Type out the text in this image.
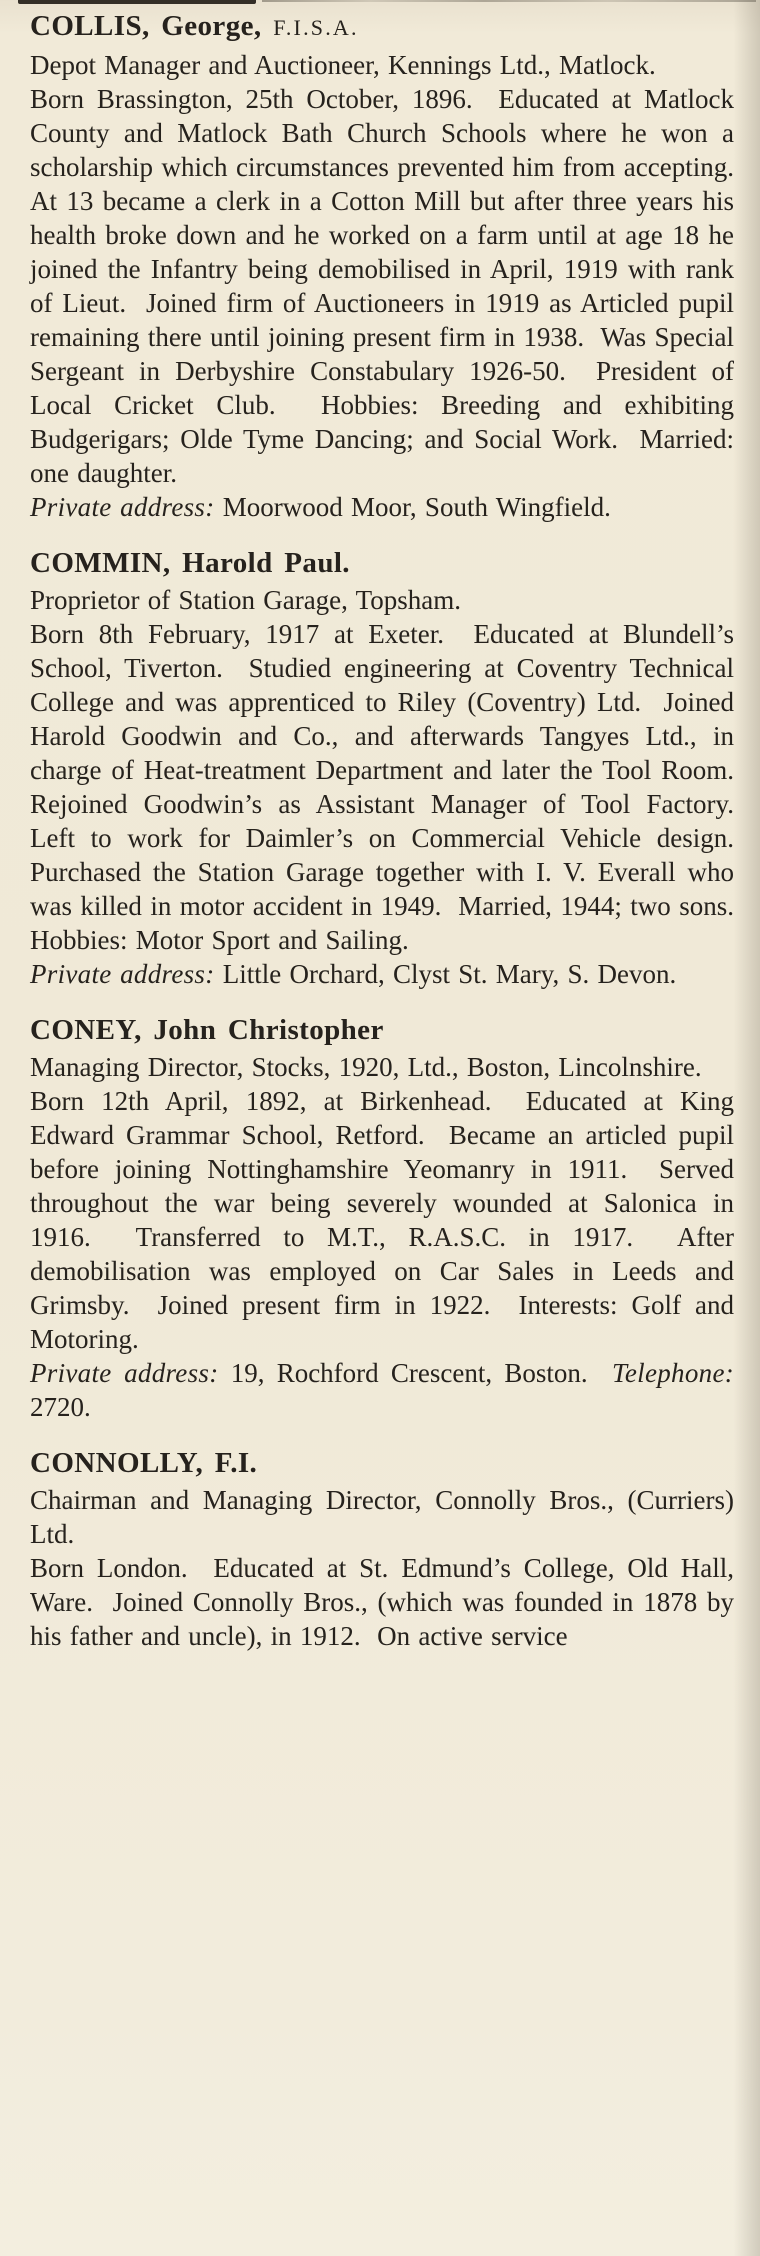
COLLIS, George, F.I.S.A.

Depot Manager and Auctioneer, Kennings Ltd., Matlock.

Born Brassington, 25th October, 1896.  Educated at Matlock County and Matlock Bath Church Schools where he won a scholarship which circumstances prevented him from accepting.  At 13 became a clerk in a Cotton Mill but after three years his health broke down and he worked on a farm until at age 18 he joined the Infantry being demobilised in April, 1919 with rank of Lieut.  Joined firm of Auctioneers in 1919 as Articled pupil remaining there until joining present firm in 1938.  Was Special Sergeant in Derbyshire Constabulary 1926-50.  President of Local Cricket Club.  Hobbies: Breeding and exhibiting Budgerigars; Olde Tyme Dancing; and Social Work.  Married: one daughter.

Private address: Moorwood Moor, South Wingfield.

COMMIN, Harold Paul.

Proprietor of Station Garage, Topsham.

Born 8th February, 1917 at Exeter.  Educated at Blundell’s School, Tiverton.  Studied engineering at Coventry Technical College and was apprenticed to Riley (Coventry) Ltd.  Joined Harold Goodwin and Co., and afterwards Tangyes Ltd., in charge of Heat-treatment Department and later the Tool Room.  Rejoined Goodwin’s as Assistant Manager of Tool Factory.  Left to work for Daimler’s on Commercial Vehicle design.  Purchased the Station Garage together with I. V. Everall who was killed in motor accident in 1949.  Married, 1944; two sons.  Hobbies: Motor Sport and Sailing.

Private address: Little Orchard, Clyst St. Mary, S. Devon.

CONEY, John Christopher

Managing Director, Stocks, 1920, Ltd., Boston, Lincolnshire.

Born 12th April, 1892, at Birkenhead.  Educated at King Edward Grammar School, Retford.  Became an articled pupil before joining Nottinghamshire Yeomanry in 1911.  Served throughout the war being severely wounded at Salonica in 1916.  Transferred to M.T., R.A.S.C. in 1917.  After demobilisation was employed on Car Sales in Leeds and Grimsby.  Joined present firm in 1922.  Interests: Golf and Motoring.

Private address: 19, Rochford Crescent, Boston.  Telephone: 2720.

CONNOLLY, F.I.

Chairman and Managing Director, Connolly Bros., (Curriers) Ltd.

Born London.  Educated at St. Edmund’s College, Old Hall, Ware.  Joined Connolly Bros., (which was founded in 1878 by his father and uncle), in 1912.  On active service
